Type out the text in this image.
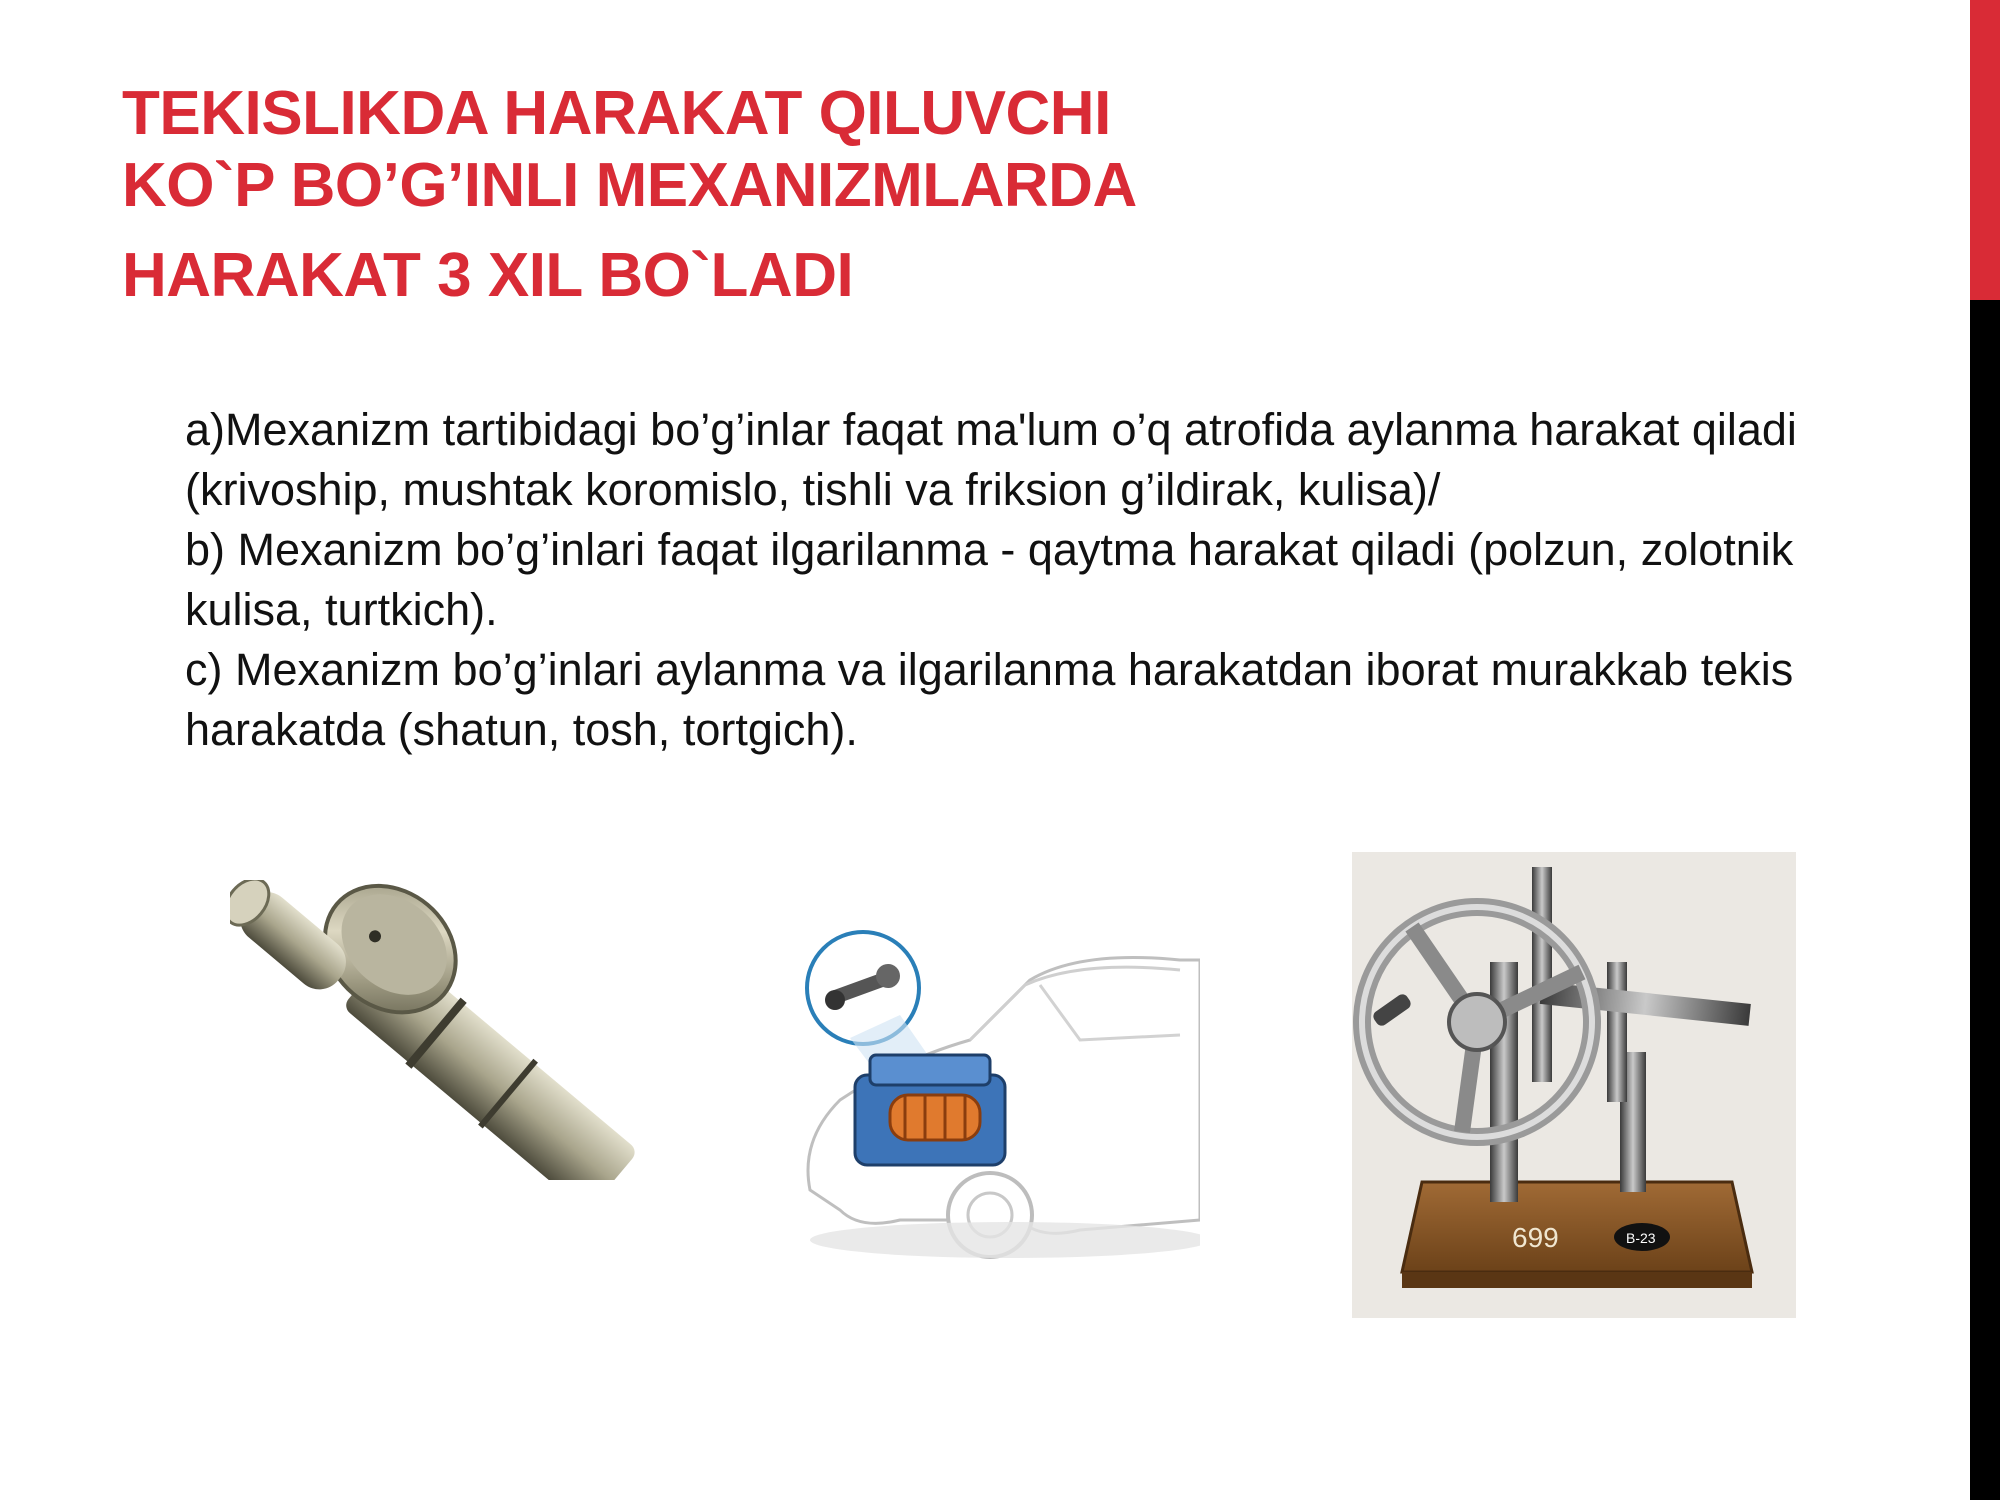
TEKISLIKDA HARAKAT QILUVCHI
KO`P BO’G’INLI MEXANIZMLARDA
HARAKAT 3 XIL BO`LADI

a)Mexanizm tartibidagi bo’g’inlar faqat ma'lum o’q atrofida aylanma harakat qiladi (krivoship, mushtak koromislo, tishli va friksion g’ildirak, kulisa)/

b) Mexanizm bo’g’inlari faqat ilgarilanma - qaytma harakat qiladi (polzun, zolotnik kulisa, turtkich).

c) Mexanizm bo’g’inlari aylanma va ilgarilanma harakatdan iborat murakkab tekis harakatda (shatun, tosh, tortgich).

699	B-23
